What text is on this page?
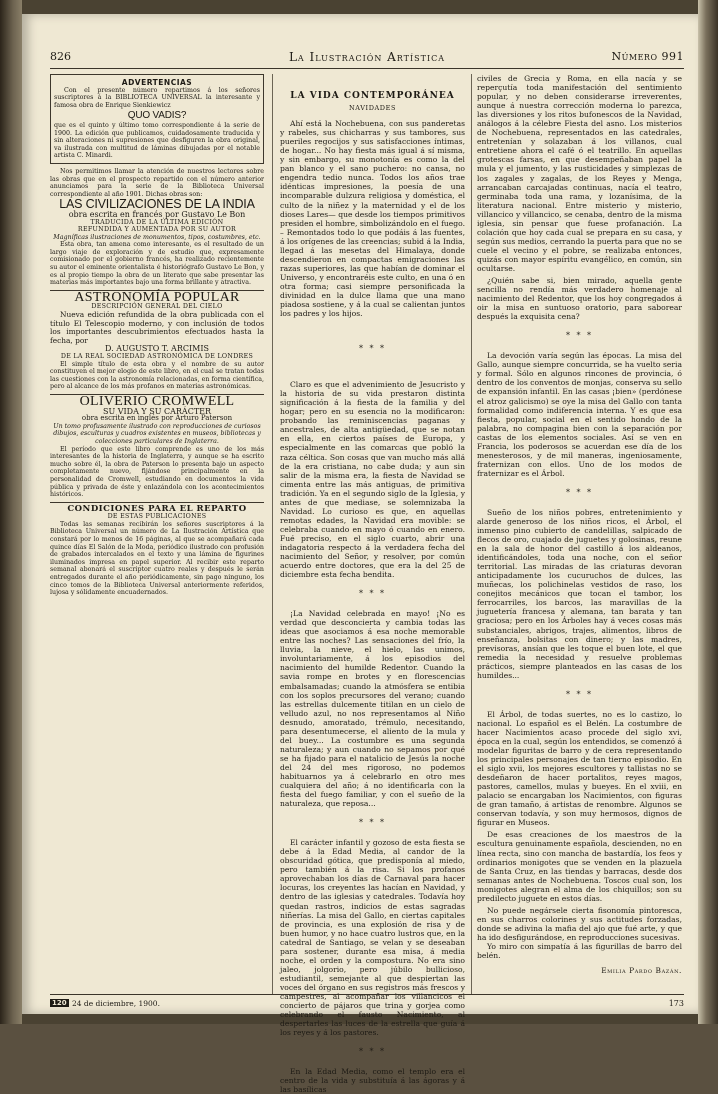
826	La Ilustración Artística	Número 991
ADVERTENCIAS

Con el presente número repartimos á los señores suscriptores á la BIBLIOTECA UNIVERSAL la interesante y famosa obra de Enrique Sienkiewicz

QUO VADIS?

que es el quinto y último tomo correspondiente á la serie de 1900. La edición que publicamos, cuidadosamente traducida y sin alteraciones ni supresiones que desfiguren la obra original, va ilustrada con multitud de láminas dibujadas por el notable artista C. Minardi.

Nos permitimos llamar la atención de nuestros lectores sobre las obras que en el prospecto repartido con el número anterior anunciamos para la serie de la Biblioteca Universal correspondiente al año 1901. Dichas obras son:

LAS CIVILIZACIONES DE LA INDIA
obra escrita en francés por Gustavo Le Bon
TRADUCIDA DE LA ÚLTIMA EDICIÓN
REFUNDIDA Y AUMENTADA POR SU AUTOR
Magníficas ilustraciones de monumentos, tipos, costumbres, etc.

Esta obra, tan amena como interesante, es el resultado de un largo viaje de exploración y de estudio que, expresamente comisionado por el gobierno francés, ha realizado recientemente su autor el eminente orientalista é historiógrafo Gustavo Le Bon, y es al propio tiempo la obra de un literato que sabe presentar las materias más importantes bajo una forma brillante y atractiva.

ASTRONOMÍA POPULAR
DESCRIPCIÓN GENERAL DEL CIELO

Nueva edición refundida de la obra publicada con el título El Telescopio moderno, y con inclusión de todos los importantes descubrimientos efectuados hasta la fecha, por

D. AUGUSTO T. ARCIMIS
DE LA REAL SOCIEDAD ASTRONÓMICA DE LONDRES

El simple título de esta obra y el nombre de su autor constituyen el mejor elogio de este libro, en el cual se tratan todas las cuestiones con la astronomía relacionadas, en forma científica, pero al alcance de los más profanos en materias astronómicas.

OLIVERIO CROMWELL
SU VIDA Y SU CARÁCTER
obra escrita en inglés por Arturo Paterson
Un tomo profusamente ilustrado con reproducciones de curiosos dibujos, esculturas y cuadros existentes en museos, bibliotecas y colecciones particulares de Inglaterra.

El período que este libro comprende es uno de los más interesantes de la historia de Inglaterra, y aunque se ha escrito mucho sobre él, la obra de Paterson lo presenta bajo un aspecto completamente nuevo, fijándose principalmente en la personalidad de Cromwell, estudiando en documentos la vida pública y privada de éste y enlazándola con los acontecimientos históricos.

CONDICIONES PARA EL REPARTO
DE ESTAS PUBLICACIONES

Todas las semanas recibirán los señores suscriptores á la Biblioteca Universal un número de La Ilustración Artística que constará por lo menos de 16 páginas, al que se acompañará cada quince días El Salón de la Moda, periódico ilustrado con profusión de grabados intercalados en el texto y una lámina de figurines iluminados impresa en papel superior. Al recibir este reparto semanal abonará el suscriptor cuatro reales y después le serán entregados durante el año periódicamente, sin pago ninguno, los cinco tomos de la Biblioteca Universal anteriormente referidos, lujosa y sólidamente encuadernados.

LA VIDA CONTEMPORÁNEA
NAVIDADES

Ahí está la Nochebuena, con sus panderetas y rabeles, sus chicharras y sus tambores, sus pueriles regocijos y sus satisfacciones íntimas, de hogar... No hay fiesta más igual á sí misma, y sin embargo, su monotonía es como la del pan blanco y el sano puchero: no cansa, no engendra tedio nunca. Todos los años trae idénticas impresiones, la poesía de una incomparable dulzura religiosa y doméstica, el culto de la niñez y la maternidad y el de los dioses Lares— que desde los tiempos primitivos presiden el hombre, simbolizándolo en el fuego. – Remontados todo lo que podáis á las fuentes, á los orígenes de las creencias; subid á la India, llegad á las mesetas del Himalaya, donde descendieron en compactas emigraciones las razas superiores, las que habían de dominar el Universo, y encontraréis este culto, en una ó en otra forma; casi siempre personificada la divinidad en la dulce llama que una mano piadosa sostiene, y á la cual se calientan juntos los padres y los hijos.

* * *

Claro es que el advenimiento de Jesucristo y la historia de su vida prestaron distinta significación á la fiesta de la familia y del hogar; pero en su esencia no la modificaron: probando las reminiscencias paganas y ancestrales, de alta antigüedad, que se notan en ella, en ciertos países de Europa, y especialmente en las comarcas que pobló la raza céltica. Son cosas que van mucho más allá de la era cristiana, no cabe duda; y aun sin salir de la misma era, la fiesta de Navidad se cimenta entre las más antiguas, de primitiva tradición. Ya en el segundo siglo de la Iglesia, y antes de que mediase, se solemnizaba la Navidad. Lo curioso es que, en aquellas remotas edades, la Navidad era movible: se celebraba cuando en mayo ó cuando en enero. Fué preciso, en el siglo cuarto, abrir una indagatoria respecto á la verdadera fecha del nacimiento del Señor, y resolver, por común acuerdo entre doctores, que era la del 25 de diciembre esta fecha bendita.

* * *

¡La Navidad celebrada en mayo! ¡No es verdad que desconcierta y cambia todas las ideas que asociamos á esa noche memorable entre las noches? Las sensaciones del frío, la lluvia, la nieve, el hielo, las unimos, involuntariamente, á los episodios del nacimiento del humilde Redentor. Cuando la savia rompe en brotes y en florescencias embalsamadas; cuando la atmósfera se entibia con los soplos precursores del verano; cuando las estrellas dulcemente titilan en un cielo de velludo azul, no nos representamos al Niño desnudo, amoratado, trémulo, necesitando, para desentumecerse, el aliento de la mula y del buey... La costumbre es una segunda naturaleza; y aun cuando no sepamos por qué se ha fijado para el natalicio de Jesús la noche del 24 del mes rigoroso, no podemos habituarnos ya á celebrarlo en otro mes cualquiera del año; á no identificarla con la fiesta del fuego familiar, y con el sueño de la naturaleza, que reposa...

* * *

El carácter infantil y gozoso de esta fiesta se debe á la Edad Media, al candor de la obscuridad gótica, que predisponía al miedo, pero también á la risa. Si los profanos aprovechaban los días de Carnaval para hacer locuras, los creyentes las hacían en Navidad, y dentro de las iglesias y catedrales. Todavía hoy quedan rastros, indicios de estas sagradas niñerías. La misa del Gallo, en ciertas capitales de provincia, es una explosión de risa y de buen humor, y no hace cuatro lustros que, en la catedral de Santiago, se velan y se deseaban para sostener, durante esa misa, á media noche, el orden y la compostura. No era sino jaleo, jolgorio, pero júbilo bullicioso, estudiantil, semejante al que despiertan las voces del órgano en sus registros más frescos y campestres, al acompañar los villancicos el concierto de pájaros que trina y gorjea como celebrando el fausto Nacimiento, al despertarles las luces de la estrella que guía á los reyes y á los pastores.

* * *

En la Edad Media, como el templo era el centro de la vida y substituía á las ágoras y á las basílicas

civiles de Grecia y Roma, en ella nacía y se reperçutía toda manifestación del sentimiento popular, y no deben considerarse irreverentes, aunque á nuestra corrección moderna lo parezca, las diversiones y los ritos bufonescos de la Navidad, análogos á la célebre Fiesta del asno. Los misterios de Nochebuena, representados en las catedrales, entretenían y solazaban á los villanos, cual entretiene ahora el café ó el teatrillo. En aquellas grotescas farsas, en que desempeñaban papel la mula y el jumento, y las rusticidades y simplezas de los zagales y zagalas, de los Reyes y Menga, arrancaban carcajadas continuas, nacía el teatro, germinaba toda una rama, y lozanísima, de la literatura nacional. Entre misterio y misterio, villancico y villancico, se cenaba, dentro de la misma iglesia, sin pensar que fuese profanación. La colación que hoy cada cual se prepara en su casa, y según sus medios, cerrando la puerta para que no se cuele el vecino y el pobre, se realizaba entonces, quizás con mayor espíritu evangélico, en común, sin ocultarse.

¿Quién sabe si, bien mirado, aquella gente sencilla no rendía más verdadero homenaje al nacimiento del Redentor, que los hoy congregados á oir la misa en suntuoso oratorio, para saborear después la exquisita cena?

* * *

La devoción varía según las épocas. La misa del Gallo, aunque siempre concurrida, se ha vuelto seria y formal. Sólo en algunos rincones de provincia, ó dentro de los conventos de monjas, conserva su sello de expansión infantil. En las casas ¡bien» (perdónese el atroz galicismo) se oye la misa del Gallo con tanta formalidad como indiferencia interna. Y es que esa fiesta, popular, social en el sentido hondo de la palabra, no compagina bien con la separación por castas de los elementos sociales. Así se ven en Francia, los poderosos se acuerdan ese día de los menesterosos, y de mil maneras, ingeniosamente, fraternizan con ellos. Uno de los modos de fraternizar es el Árbol.

* * *

Sueño de los niños pobres, entretenimiento y alarde generoso de los niños ricos, el Árbol, el inmenso pino cubierto de candelillas, salpicado de flecos de oro, cuajado de juguetes y golosinas, reune en la sala de honor del castillo á los aldeanos, identificándoles, toda una noche, con el señor territorial. Las miradas de las criaturas devoran anticipadamente los cucuruchos de dulces, las muñecas, los polichinelas vestidos de raso, los conejitos mecánicos que tocan el tambor, los ferrocarriles, los barcos, las maravillas de la juguetería francesa y alemana, tan barata y tan graciosa; pero en los Árboles hay á veces cosas más substanciales, abrigos, trajes, alimentos, libros de enseñanza, bolsitas con dinero; y las madres, previsoras, ansían que les toque el buen lote, el que remedia la necesidad y resuelve problemas prácticos, siempre planteados en las casas de los humildes...

* * *

El Árbol, de todas suertes, no es lo castizo, lo nacional. Lo español es el Belén. La costumbre de hacer Nacimientos acaso procede del siglo xvi, época en la cual, según los entendidos, se comenzó á modelar figuritas de barro y de cera representando los principales personajes de tan tierno episodio. En el siglo xvii, los mejores escultores y tallistas no se desdeñaron de hacer portalitos, reyes magos, pastores, camellos, mulas y bueyes. En el xviii, en palacio se encargaban los Nacimientos, con figuras de gran tamaño, á artistas de renombre. Algunos se conservan todavía, y son muy hermosos, dignos de figurar en Museos.

De esas creaciones de los maestros de la escultura genuinamente española, descienden, no en línea recta, sino con mancha de bastardía, los feos y ordinarios monigotes que se venden en la plazuela de Santa Cruz, en las tiendas y barracas, desde dos semanas antes de Nochebuena. Toscos cual son, los monigotes alegran el alma de los chiquillos; son su predilecto juguete en estos días.

No puede negársele cierta fisonomía pintoresca, en sus charros colorines y sus actitudes forzadas, donde se adivina la mafia del ajo que fué arte, y que ha ido desfigurándose, en reproducciones sucesivas.

Yo miro con simpatía á las figurillas de barro del belén.

Emilia Pardo Bazán.
120 24 de diciembre, 1900.	173
